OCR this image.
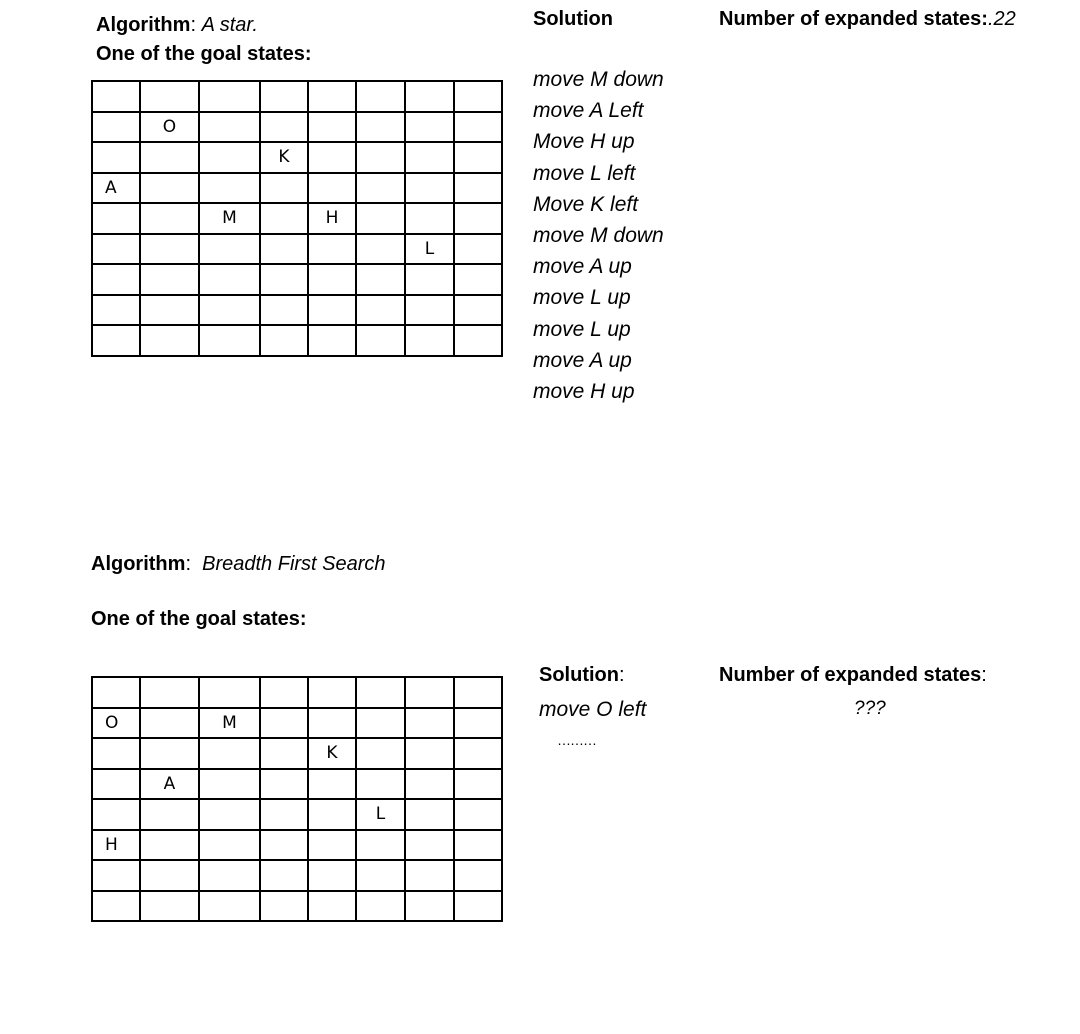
Algorithm: A star.
One of the goal states:
Solution	Number of expanded states:.22
move M down
move A Left
Move H up
move L left
Move K left
move M down
move A up
move L up
move L up
move A up
move H up

	O						
			K				
A							
		M		H			
						L	

Algorithm: Breadth First Search
One of the goal states:
Solution:	Number of expanded states:
???
move O left
………

O		M					
				K			
	A						
					L		
H							
